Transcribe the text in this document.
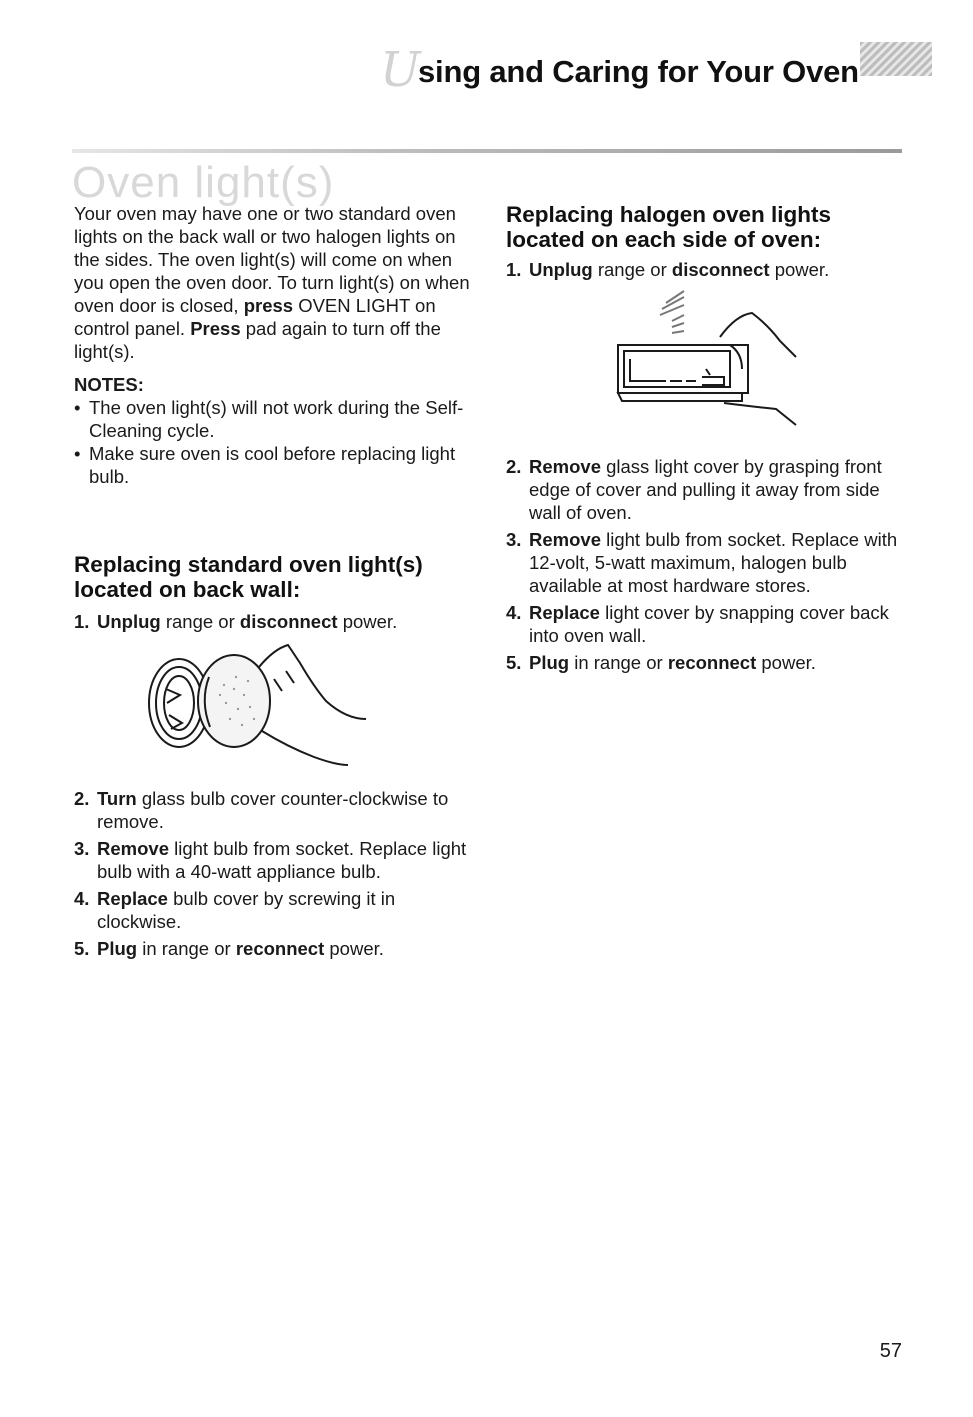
U
sing and Caring for Your Oven
Oven light(s)

Your oven may have one or two standard oven lights on the back wall or two halogen lights on the sides. The oven light(s) will come on when you open the oven door. To turn light(s) on when oven door is closed, press OVEN LIGHT on control panel. Press pad again to turn off the light(s).

NOTES:
• The oven light(s) will not work during the Self-Cleaning cycle.
• Make sure oven is cool before replacing light bulb.
Replacing standard oven light(s) located on back wall:
1. Unplug range or disconnect power.
2. Turn glass bulb cover counter-clockwise to remove.
3. Remove light bulb from socket. Replace light bulb with a 40-watt appliance bulb.
4. Replace bulb cover by screwing it in clockwise.
5. Plug in range or reconnect power.
Replacing halogen oven lights located on each side of oven:
1. Unplug range or disconnect power.
2. Remove glass light cover by grasping front edge of cover and pulling it away from side wall of oven.
3. Remove light bulb from socket. Replace with 12-volt, 5-watt maximum, halogen bulb available at most hardware stores.
4. Replace light cover by snapping cover back into oven wall.
5. Plug in range or reconnect power.
57
